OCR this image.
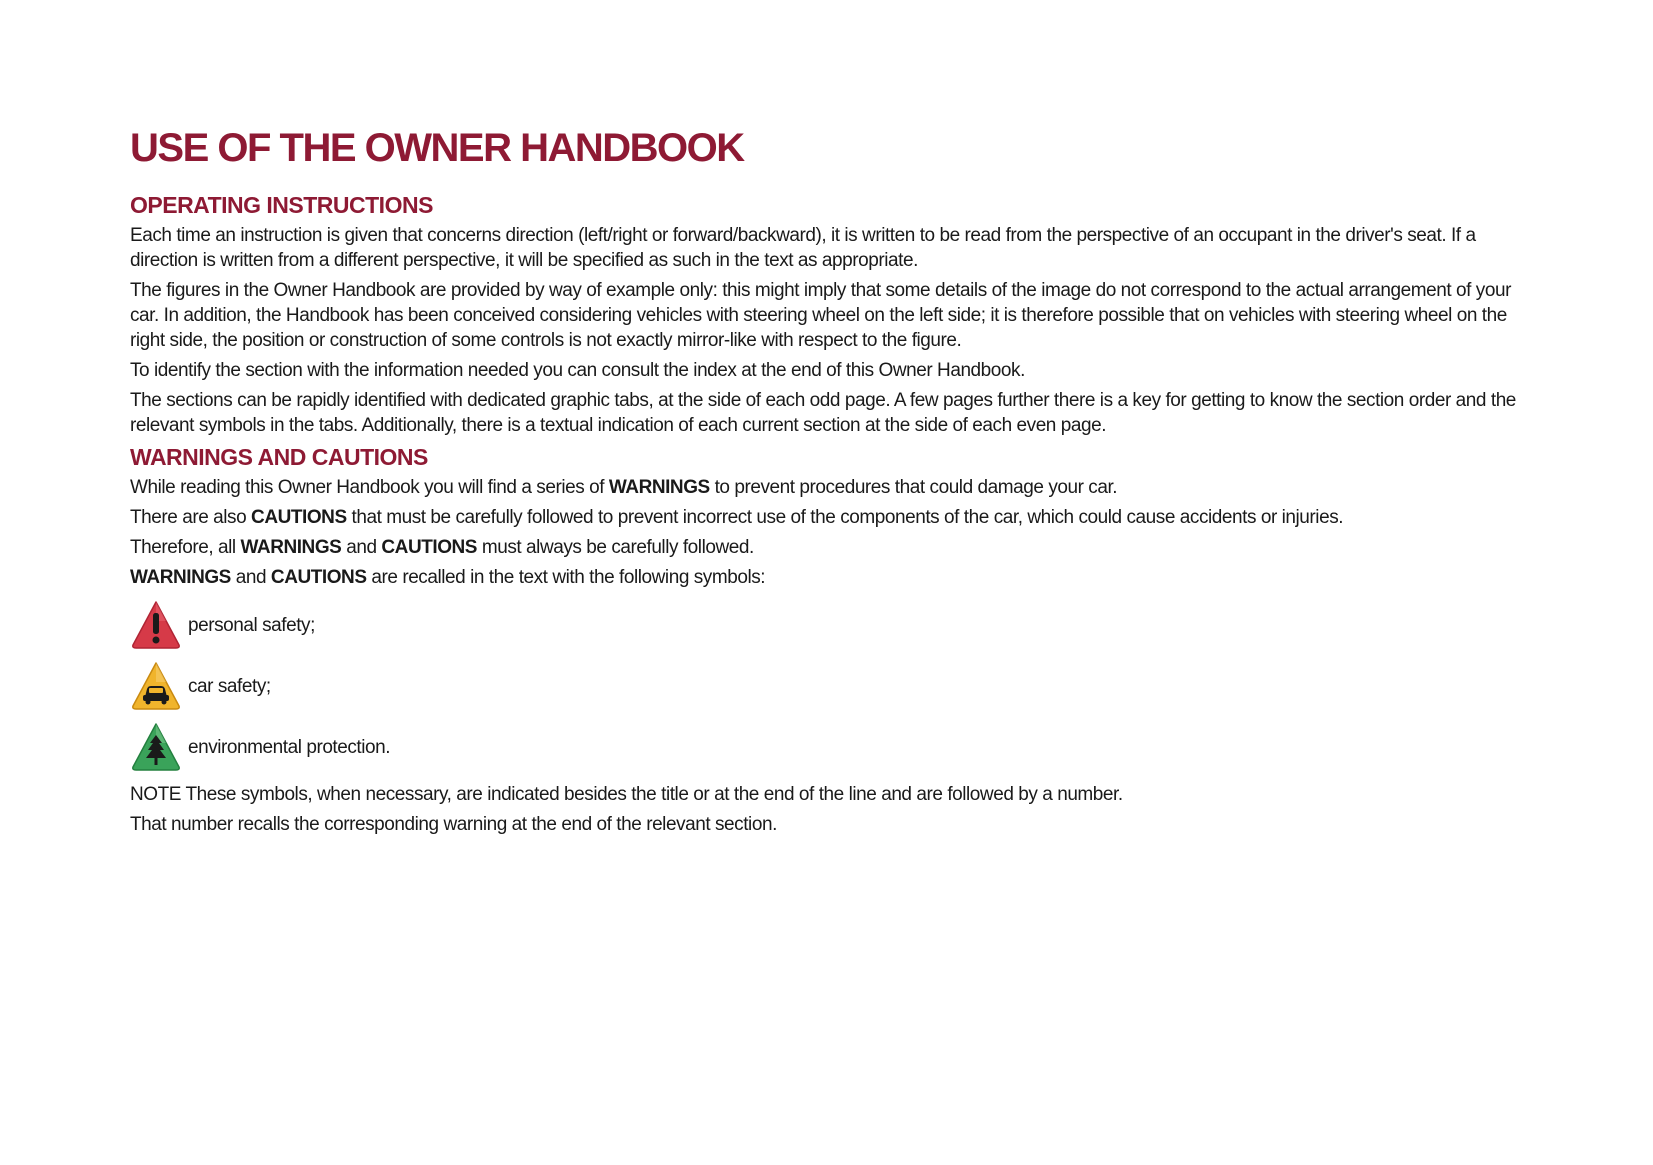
USE OF THE OWNER HANDBOOK
OPERATING INSTRUCTIONS

Each time an instruction is given that concerns direction (left/right or forward/backward), it is written to be read from the perspective of an occupant in the driver's seat. If a direction is written from a different perspective, it will be specified as such in the text as appropriate.

The figures in the Owner Handbook are provided by way of example only: this might imply that some details of the image do not correspond to the actual arrangement of your car. In addition, the Handbook has been conceived considering vehicles with steering wheel on the left side; it is therefore possible that on vehicles with steering wheel on the right side, the position or construction of some controls is not exactly mirror-like with respect to the figure.

To identify the section with the information needed you can consult the index at the end of this Owner Handbook.

The sections can be rapidly identified with dedicated graphic tabs, at the side of each odd page. A few pages further there is a key for getting to know the section order and the relevant symbols in the tabs. Additionally, there is a textual indication of each current section at the side of each even page.

WARNINGS AND CAUTIONS

While reading this Owner Handbook you will find a series of WARNINGS to prevent procedures that could damage your car.

There are also CAUTIONS that must be carefully followed to prevent incorrect use of the components of the car, which could cause accidents or injuries.

Therefore, all WARNINGS and CAUTIONS must always be carefully followed.

WARNINGS and CAUTIONS are recalled in the text with the following symbols:

personal safety;
car safety;
environmental protection.

NOTE These symbols, when necessary, are indicated besides the title or at the end of the line and are followed by a number.

That number recalls the corresponding warning at the end of the relevant section.
